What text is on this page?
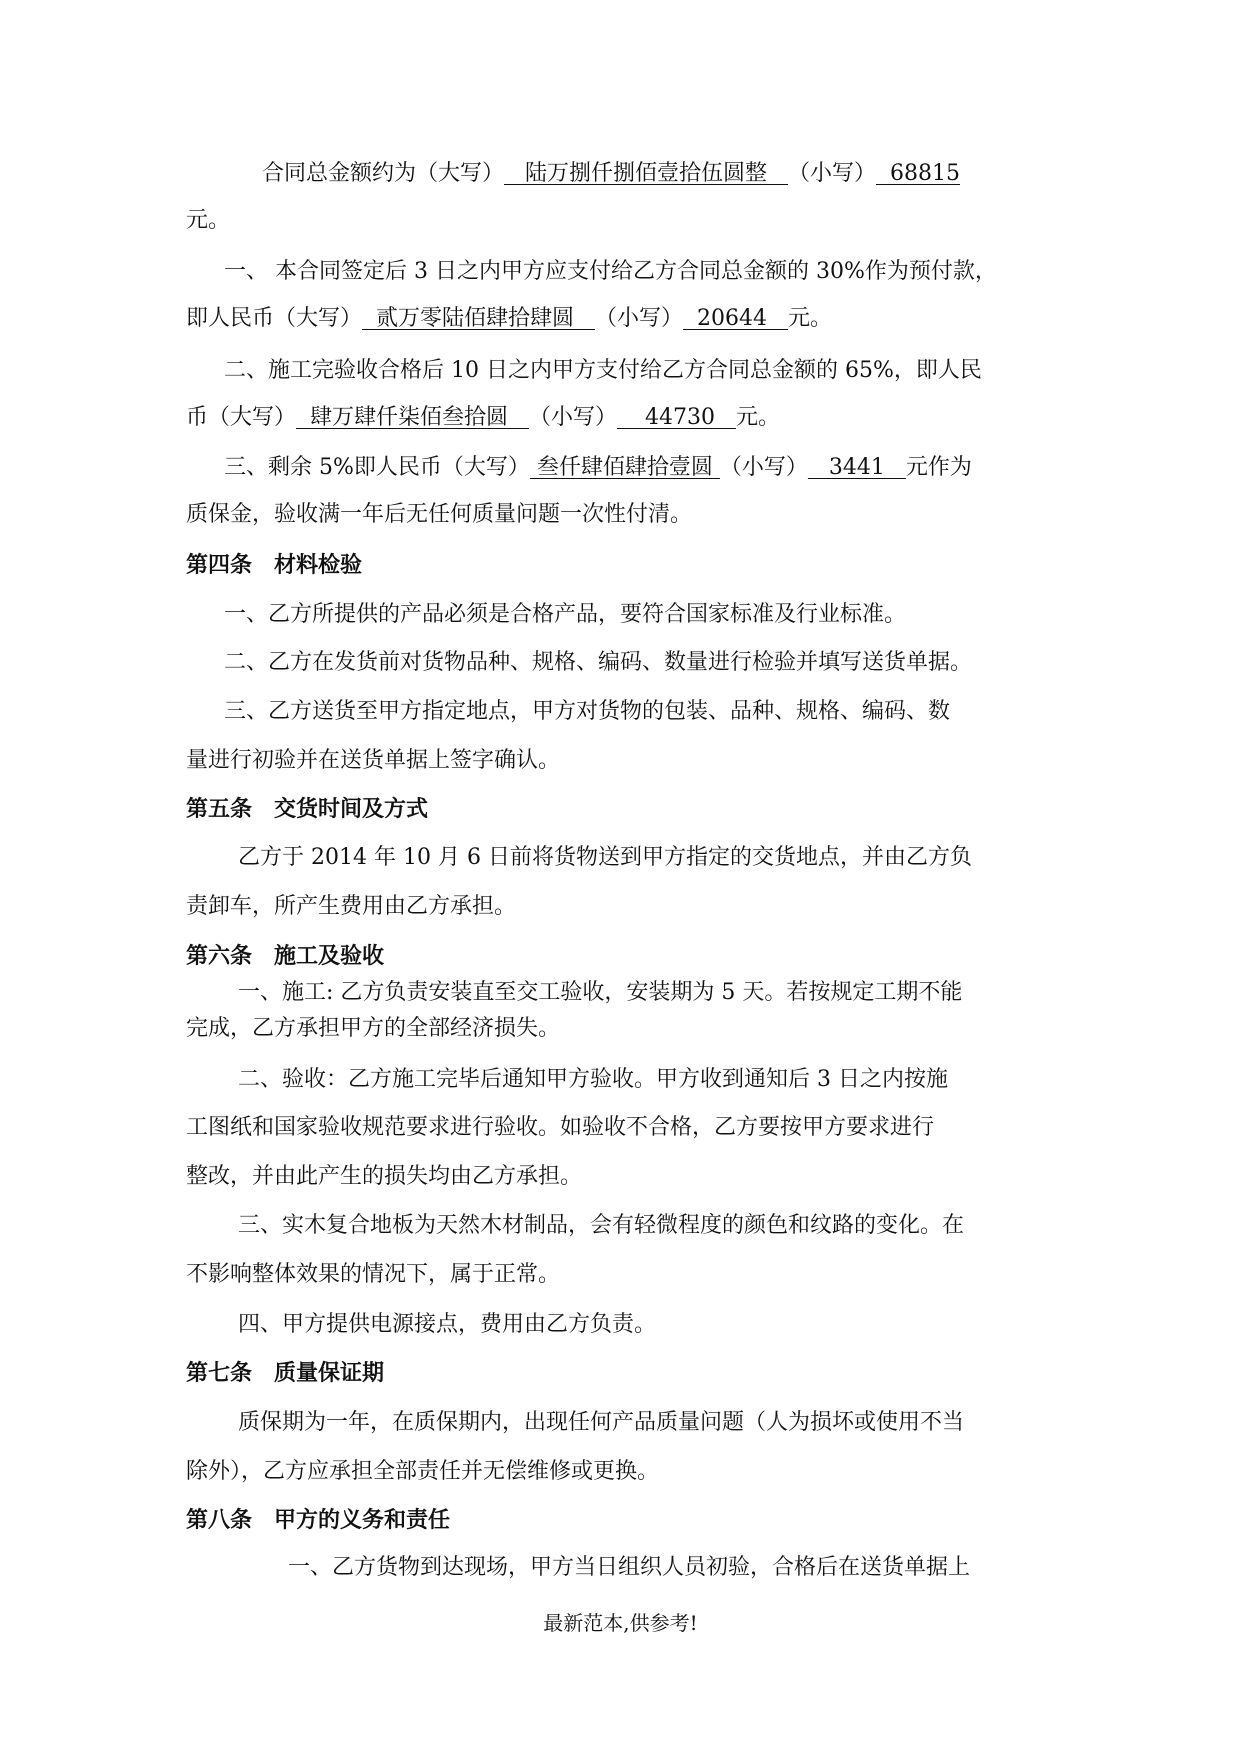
合同总金额约为（大写）   陆万捌仟捌佰壹拾伍圆整   （小写）  68815
元。
一、 本合同签定后 3 日之内甲方应支付给乙方合同总金额的 30%作为预付款，
即人民币（大写）  贰万零陆佰肆拾肆圆   （小写）  20644   元。
二、施工完验收合格后 10 日之内甲方支付给乙方合同总金额的 65%，即人民
币（大写）  肆万肆仟柒佰叁拾圆   （小写）    44730   元。
三、剩余 5%即人民币（大写） 叁仟肆佰肆拾壹圆 （小写）   3441   元作为
质保金，验收满一年后无任何质量问题一次性付清。
第四条　材料检验
一、乙方所提供的产品必须是合格产品，要符合国家标准及行业标准。
二、乙方在发货前对货物品种、规格、编码、数量进行检验并填写送货单据。
三、乙方送货至甲方指定地点，甲方对货物的包装、品种、规格、编码、数
量进行初验并在送货单据上签字确认。
第五条　交货时间及方式
乙方于 2014 年 10 月 6 日前将货物送到甲方指定的交货地点，并由乙方负
责卸车，所产生费用由乙方承担。
第六条　施工及验收
一、施工: 乙方负责安装直至交工验收，安装期为 5 天。若按规定工期不能
完成，乙方承担甲方的全部经济损失。
二、验收：乙方施工完毕后通知甲方验收。甲方收到通知后 3 日之内按施
工图纸和国家验收规范要求进行验收。如验收不合格，乙方要按甲方要求进行
整改，并由此产生的损失均由乙方承担。
三、实木复合地板为天然木材制品，会有轻微程度的颜色和纹路的变化。在
不影响整体效果的情况下，属于正常。
四、甲方提供电源接点，费用由乙方负责。
第七条　质量保证期
质保期为一年，在质保期内，出现任何产品质量问题（人为损坏或使用不当
除外），乙方应承担全部责任并无偿维修或更换。
第八条　甲方的义务和责任
一、乙方货物到达现场，甲方当日组织人员初验，合格后在送货单据上
最新范本,供参考!
